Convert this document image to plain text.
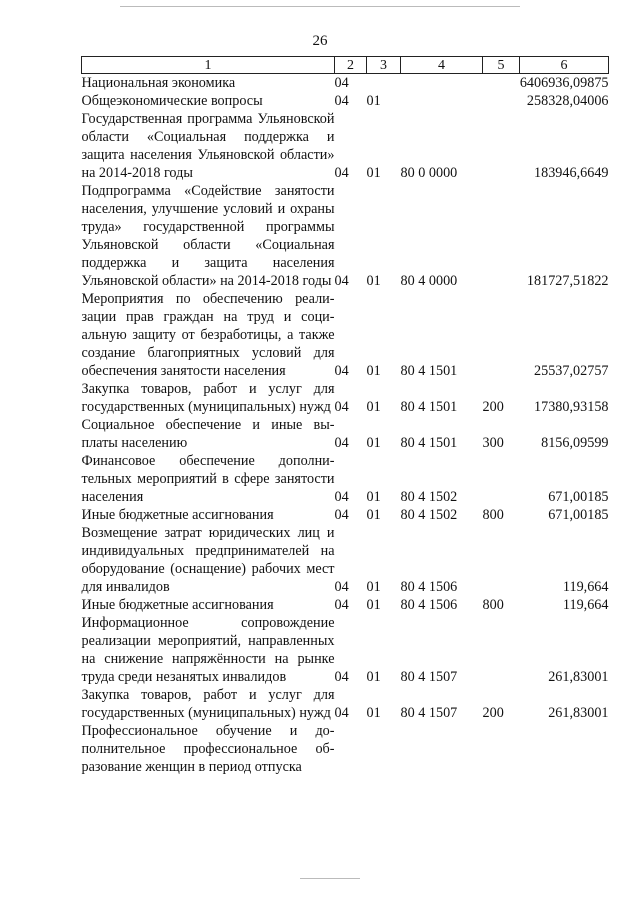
26
1	2	3	4	5	6
Национальная экономика	04				6406936,09875
Общеэкономические вопросы	04	01			258328,04006
Государственная программа Ульяновской области «Социальная поддержка и защита населения Ульяновской области» на 2014-2018 годы	04	01	80 0 0000		183946,6649
Подпрограмма «Содействие занятости населения, улучшение условий и охраны труда» государственной программы Ульяновской области «Социальная поддержка и защита населения Ульяновской области» на 2014-2018 годы	04	01	80 4 0000		181727,51822
Мероприятия по обеспечению реализации прав граждан на труд и социальную защиту от безработицы, а также создание благоприятных условий для обеспечения занятости населения	04	01	80 4 1501		25537,02757
Закупка товаров, работ и услуг для государственных (муниципальных) нужд	04	01	80 4 1501	200	17380,93158
Социальное обеспечение и иные выплаты населению	04	01	80 4 1501	300	8156,09599
Финансовое обеспечение дополнительных мероприятий в сфере занятости населения	04	01	80 4 1502		671,00185
Иные бюджетные ассигнования	04	01	80 4 1502	800	671,00185
Возмещение затрат юридических лиц и индивидуальных предпринимателей на оборудование (оснащение) рабочих мест для инвалидов	04	01	80 4 1506		119,664
Иные бюджетные ассигнования	04	01	80 4 1506	800	119,664
Информационное сопровождение реализации мероприятий, направленных на снижение напряжённости на рынке труда среди незанятых инвалидов	04	01	80 4 1507		261,83001
Закупка товаров, работ и услуг для государственных (муниципальных) нужд	04	01	80 4 1507	200	261,83001
Профессиональное обучение и дополнительное профессиональное образование женщин в период отпуска					
